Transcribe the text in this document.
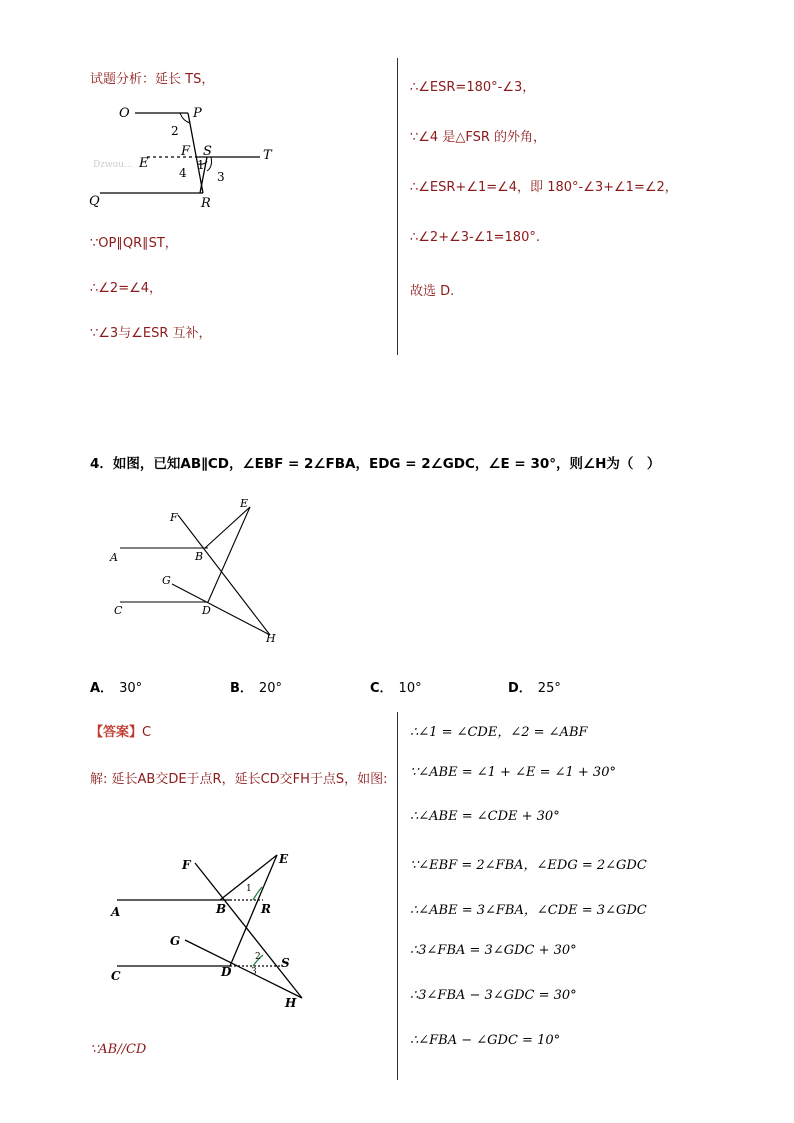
试题分析：延长 TS，
O	P
2
F S	T
E	1
4	3
Q	R
Dzwou...
∵OP∥QR∥ST，
∴∠2=∠4，
∵∠3与∠ESR 互补，
∴∠ESR=180°-∠3，
∵∠4 是△FSR 的外角，
∴∠ESR+∠1=∠4，即 180°-∠3+∠1=∠2，
∴∠2+∠3-∠1=180°.
故选 D.
4．如图，已知AB∥CD，∠EBF = 2∠FBA，EDG = 2∠GDC，∠E = 30°，则∠H为（　）
F
E
A	B
G
C	D
H
A． 30°	B． 20°	C． 10°	D． 25°
【答案】C
解: 延长AB交DE于点R，延长CD交FH于点S，如图:
F	E
1
A	B	R
G
2 S
3
C	D
H
∵AB//CD
∴∠1 = ∠CDE，∠2 = ∠ABF
∵∠ABE = ∠1 + ∠E = ∠1 + 30°
∴∠ABE = ∠CDE + 30°
∵∠EBF = 2∠FBA，∠EDG = 2∠GDC
∴∠ABE = 3∠FBA，∠CDE = 3∠GDC
∴3∠FBA = 3∠GDC + 30°
∴3∠FBA − 3∠GDC = 30°
∴∠FBA − ∠GDC = 10°
